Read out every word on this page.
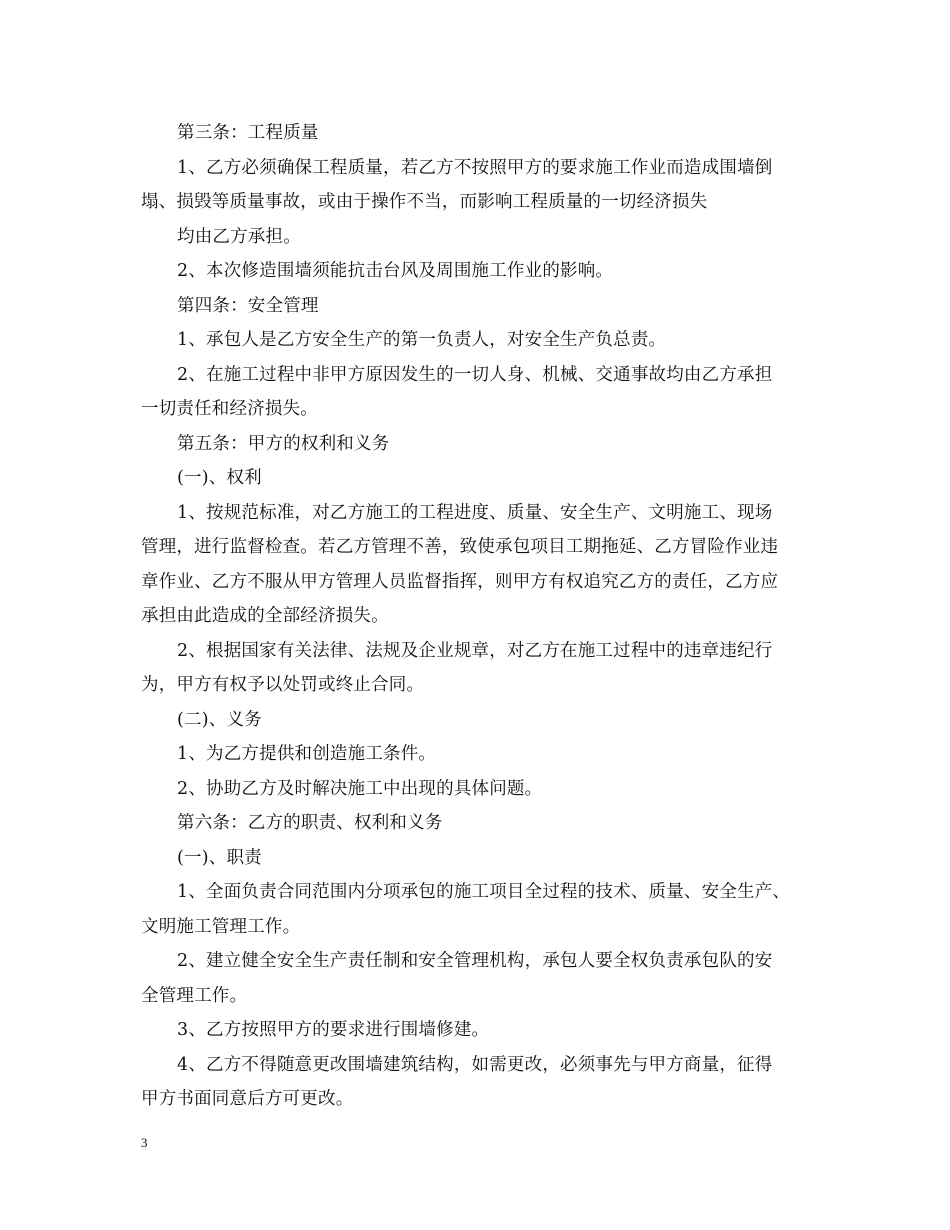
第三条：工程质量

1、乙方必须确保工程质量，若乙方不按照甲方的要求施工作业而造成围墙倒

塌、损毁等质量事故，或由于操作不当，而影响工程质量的一切经济损失

均由乙方承担。

2、本次修造围墙须能抗击台风及周围施工作业的影响。

第四条：安全管理

1、承包人是乙方安全生产的第一负责人，对安全生产负总责。

2、在施工过程中非甲方原因发生的一切人身、机械、交通事故均由乙方承担

一切责任和经济损失。

第五条：甲方的权利和义务

(一)、权利

1、按规范标准，对乙方施工的工程进度、质量、安全生产、文明施工、现场

管理，进行监督检查。若乙方管理不善，致使承包项目工期拖延、乙方冒险作业违

章作业、乙方不服从甲方管理人员监督指挥，则甲方有权追究乙方的责任，乙方应

承担由此造成的全部经济损失。

2、根据国家有关法律、法规及企业规章，对乙方在施工过程中的违章违纪行

为，甲方有权予以处罚或终止合同。

(二)、义务

1、为乙方提供和创造施工条件。

2、协助乙方及时解决施工中出现的具体问题。

第六条：乙方的职责、权利和义务

(一)、职责

1、全面负责合同范围内分项承包的施工项目全过程的技术、质量、安全生产、

文明施工管理工作。

2、建立健全安全生产责任制和安全管理机构，承包人要全权负责承包队的安

全管理工作。

3、乙方按照甲方的要求进行围墙修建。

4、乙方不得随意更改围墙建筑结构，如需更改，必须事先与甲方商量，征得

甲方书面同意后方可更改。

3
